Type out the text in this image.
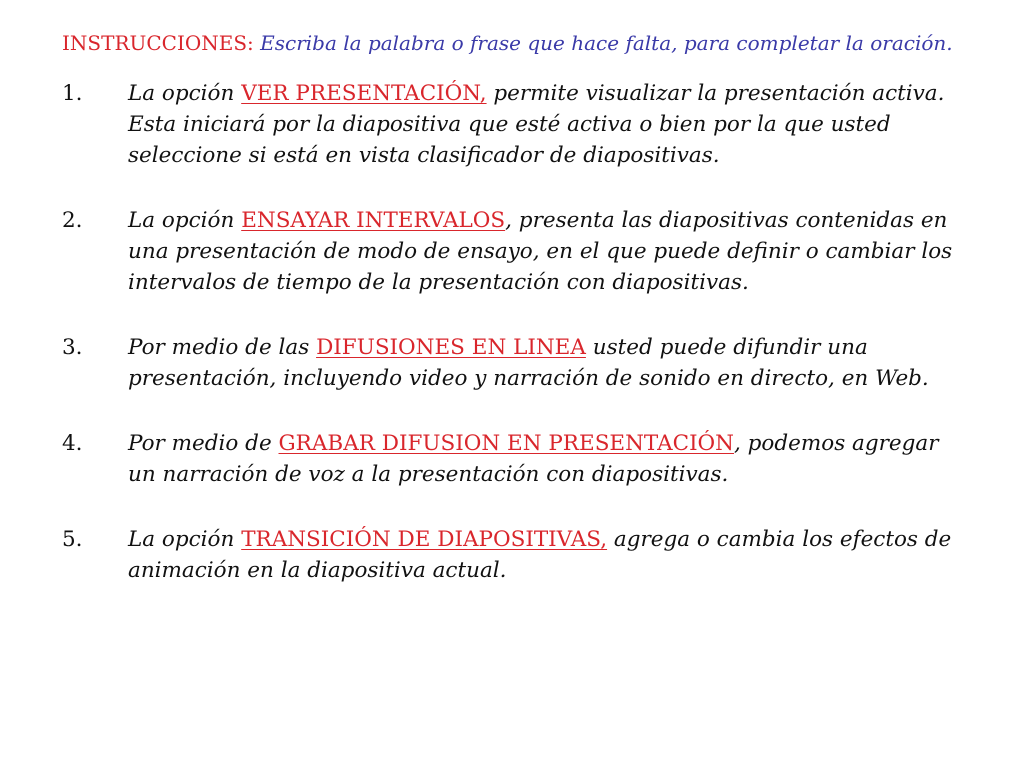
INSTRUCCIONES: Escriba la palabra o frase que hace falta, para completar la oración.

1. La opción VER PRESENTACIÓN, permite visualizar la presentación activa. Esta iniciará por la diapositiva que esté activa o bien por la que usted seleccione si está en vista clasificador de diapositivas.
2. La opción ENSAYAR INTERVALOS, presenta las diapositivas contenidas en una presentación de modo de ensayo, en el que puede definir o cambiar los intervalos de tiempo de la presentación con diapositivas.
3. Por medio de las DIFUSIONES EN LINEA usted puede difundir una presentación, incluyendo video y narración de sonido en directo, en Web.
4. Por medio de GRABAR DIFUSION EN PRESENTACIÓN, podemos agregar un narración de voz a la presentación con diapositivas.
5. La opción TRANSICIÓN DE DIAPOSITIVAS, agrega o cambia los efectos de animación en la diapositiva actual.
